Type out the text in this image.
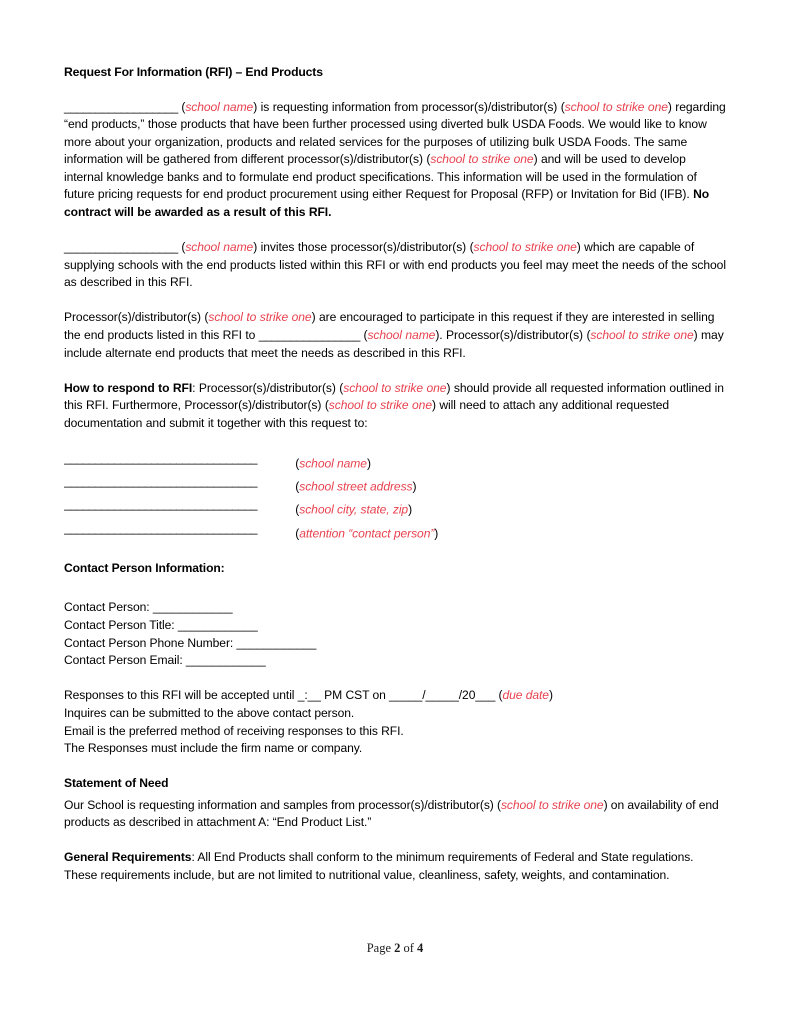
Request For Information (RFI) – End Products

__________________ (school name) is requesting information from processor(s)/distributor(s) (school to strike one) regarding “end products,” those products that have been further processed using diverted bulk USDA Foods. We would like to know more about your organization, products and related services for the purposes of utilizing bulk USDA Foods. The same information will be gathered from different processor(s)/distributor(s) (school to strike one) and will be used to develop internal knowledge banks and to formulate end product specifications. This information will be used in the formulation of future pricing requests for end product procurement using either Request for Proposal (RFP) or Invitation for Bid (IFB). No contract will be awarded as a result of this RFI.

__________________ (school name) invites those processor(s)/distributor(s) (school to strike one) which are capable of supplying schools with the end products listed within this RFI or with end products you feel may meet the needs of the school as described in this RFI.

Processor(s)/distributor(s) (school to strike one) are encouraged to participate in this request if they are interested in selling the end products listed in this RFI to ________________ (school name). Processor(s)/distributor(s) (school to strike one) may include alternate end products that meet the needs as described in this RFI.

How to respond to RFI: Processor(s)/distributor(s) (school to strike one) should provide all requested information outlined in this RFI. Furthermore, Processor(s)/distributor(s) (school to strike one) will need to attach any additional requested documentation and submit it together with this request to:

_______________________________	(school name)
_______________________________	(school street address)
_______________________________	(school city, state, zip)
_______________________________	(attention “contact person”)
Contact Person Information:
Contact Person: ____________
Contact Person Title: ____________
Contact Person Phone Number: ____________
Contact Person Email: ____________
Responses to this RFI will be accepted until _:__ PM CST on _____/_____/20___ (due date)
Inquires can be submitted to the above contact person.
Email is the preferred method of receiving responses to this RFI.
The Responses must include the firm name or company.
Statement of Need
Our School is requesting information and samples from processor(s)/distributor(s) (school to strike one) on availability of end products as described in attachment A: “End Product List.”
General Requirements: All End Products shall conform to the minimum requirements of Federal and State regulations. These requirements include, but are not limited to nutritional value, cleanliness, safety, weights, and contamination.
Page 2 of 4
